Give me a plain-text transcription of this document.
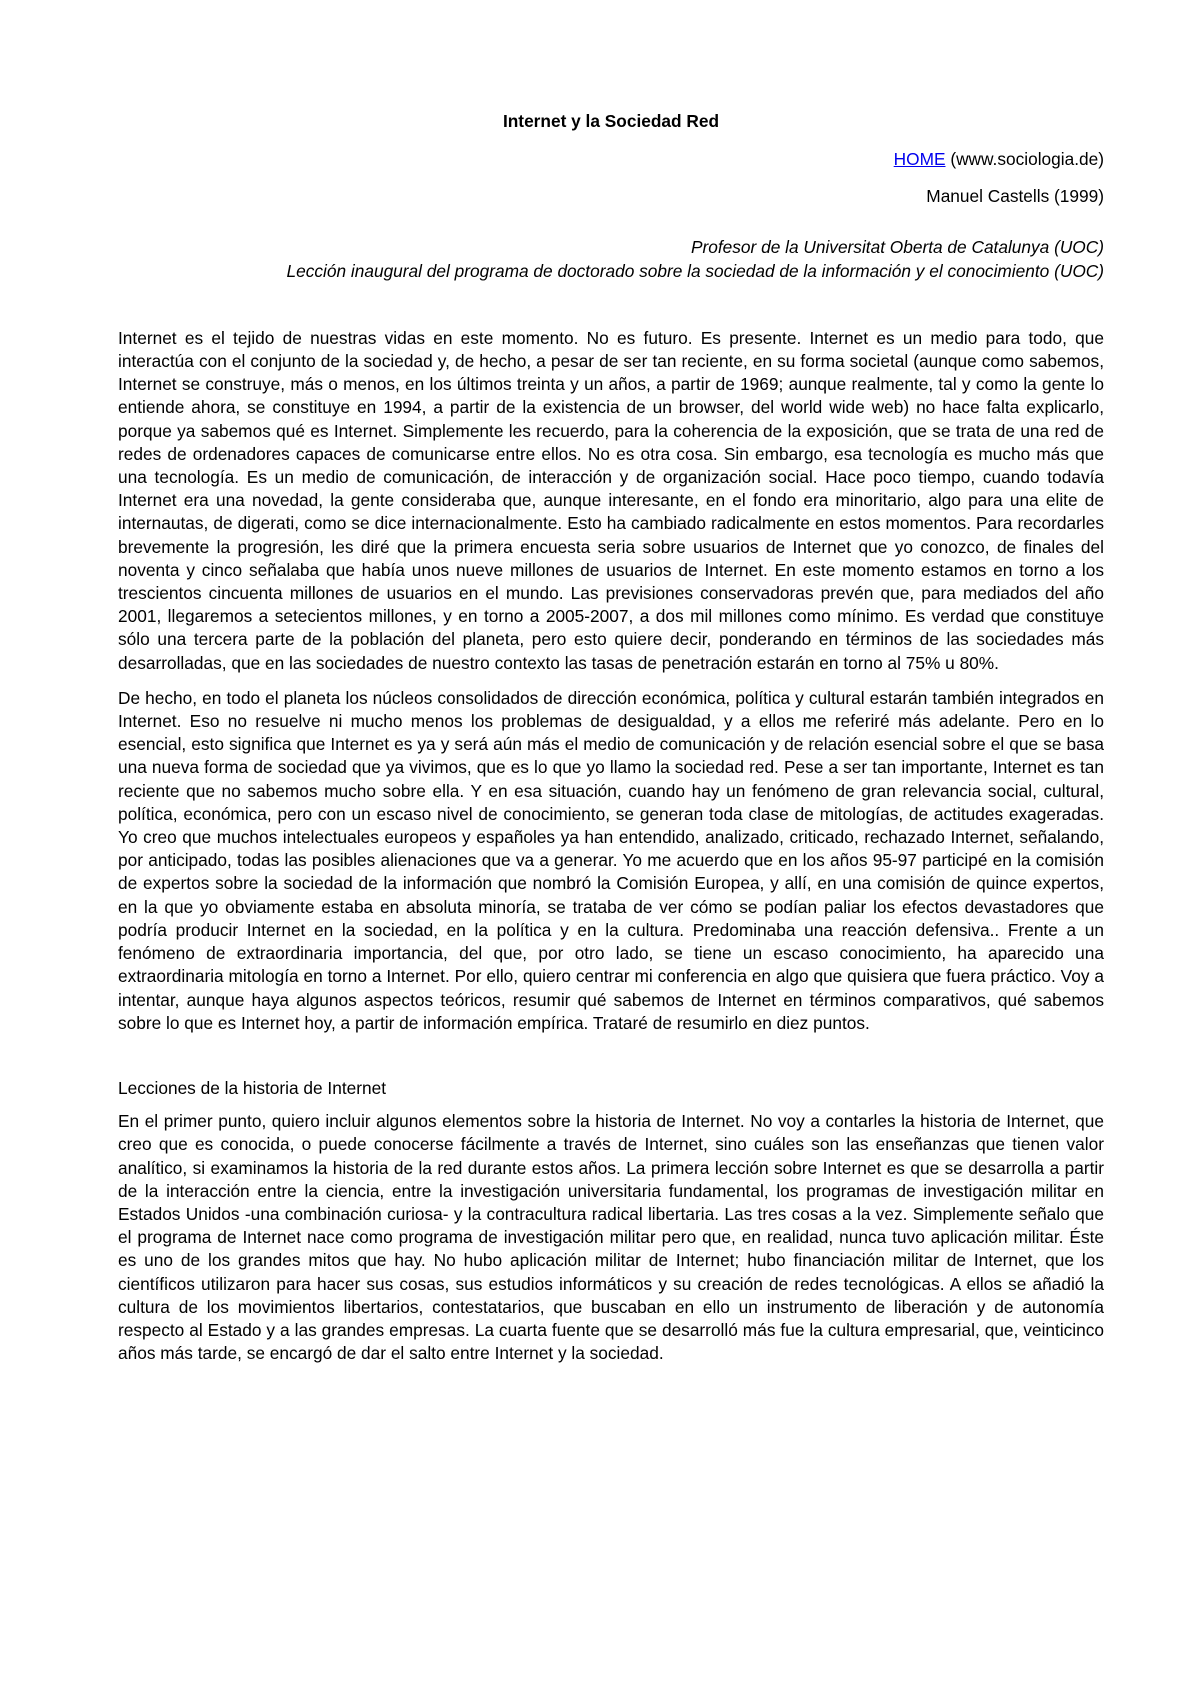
Internet y la Sociedad Red

HOME (www.sociologia.de)

Manuel Castells (1999)

Profesor de la Universitat Oberta de Catalunya (UOC)

Lección inaugural del programa de doctorado sobre la sociedad de la información y el conocimiento (UOC)

Internet es el tejido de nuestras vidas en este momento. No es futuro. Es presente. Internet es un medio para todo, que interactúa con el conjunto de la sociedad y, de hecho, a pesar de ser tan reciente, en su forma societal (aunque como sabemos, Internet se construye, más o menos, en los últimos treinta y un años, a partir de 1969; aunque realmente, tal y como la gente lo entiende ahora, se constituye en 1994, a partir de la existencia de un browser, del world wide web) no hace falta explicarlo, porque ya sabemos qué es Internet. Simplemente les recuerdo, para la coherencia de la exposición, que se trata de una red de redes de ordenadores capaces de comunicarse entre ellos. No es otra cosa. Sin embargo, esa tecnología es mucho más que una tecnología. Es un medio de comunicación, de interacción y de organización social. Hace poco tiempo, cuando todavía Internet era una novedad, la gente consideraba que, aunque interesante, en el fondo era minoritario, algo para una elite de internautas, de digerati, como se dice internacionalmente. Esto ha cambiado radicalmente en estos momentos. Para recordarles brevemente la progresión, les diré que la primera encuesta seria sobre usuarios de Internet que yo conozco, de finales del noventa y cinco señalaba que había unos nueve millones de usuarios de Internet. En este momento estamos en torno a los trescientos cincuenta millones de usuarios en el mundo. Las previsiones conservadoras prevén que, para mediados del año 2001, llegaremos a setecientos millones, y en torno a 2005-2007, a dos mil millones como mínimo. Es verdad que constituye sólo una tercera parte de la población del planeta, pero esto quiere decir, ponderando en términos de las sociedades más desarrolladas, que en las sociedades de nuestro contexto las tasas de penetración estarán en torno al 75% u 80%.

De hecho, en todo el planeta los núcleos consolidados de dirección económica, política y cultural estarán también integrados en Internet. Eso no resuelve ni mucho menos los problemas de desigualdad, y a ellos me referiré más adelante. Pero en lo esencial, esto significa que Internet es ya y será aún más el medio de comunicación y de relación esencial sobre el que se basa una nueva forma de sociedad que ya vivimos, que es lo que yo llamo la sociedad red. Pese a ser tan importante, Internet es tan reciente que no sabemos mucho sobre ella. Y en esa situación, cuando hay un fenómeno de gran relevancia social, cultural, política, económica, pero con un escaso nivel de conocimiento, se generan toda clase de mitologías, de actitudes exageradas. Yo creo que muchos intelectuales europeos y españoles ya han entendido, analizado, criticado, rechazado Internet, señalando, por anticipado, todas las posibles alienaciones que va a generar. Yo me acuerdo que en los años 95-97 participé en la comisión de expertos sobre la sociedad de la información que nombró la Comisión Europea, y allí, en una comisión de quince expertos, en la que yo obviamente estaba en absoluta minoría, se trataba de ver cómo se podían paliar los efectos devastadores que podría producir Internet en la sociedad, en la política y en la cultura. Predominaba una reacción defensiva.. Frente a un fenómeno de extraordinaria importancia, del que, por otro lado, se tiene un escaso conocimiento, ha aparecido una extraordinaria mitología en torno a Internet. Por ello, quiero centrar mi conferencia en algo que quisiera que fuera práctico. Voy a intentar, aunque haya algunos aspectos teóricos, resumir qué sabemos de Internet en términos comparativos, qué sabemos sobre lo que es Internet hoy, a partir de información empírica. Trataré de resumirlo en diez puntos.

Lecciones de la historia de Internet

En el primer punto, quiero incluir algunos elementos sobre la historia de Internet. No voy a contarles la historia de Internet, que creo que es conocida, o puede conocerse fácilmente a través de Internet, sino cuáles son las enseñanzas que tienen valor analítico, si examinamos la historia de la red durante estos años. La primera lección sobre Internet es que se desarrolla a partir de la interacción entre la ciencia, entre la investigación universitaria fundamental, los programas de investigación militar en Estados Unidos -una combinación curiosa- y la contracultura radical libertaria. Las tres cosas a la vez. Simplemente señalo que el programa de Internet nace como programa de investigación militar pero que, en realidad, nunca tuvo aplicación militar. Éste es uno de los grandes mitos que hay. No hubo aplicación militar de Internet; hubo financiación militar de Internet, que los científicos utilizaron para hacer sus cosas, sus estudios informáticos y su creación de redes tecnológicas. A ellos se añadió la cultura de los movimientos libertarios, contestatarios, que buscaban en ello un instrumento de liberación y de autonomía respecto al Estado y a las grandes empresas. La cuarta fuente que se desarrolló más fue la cultura empresarial, que, veinticinco años más tarde, se encargó de dar el salto entre Internet y la sociedad.
